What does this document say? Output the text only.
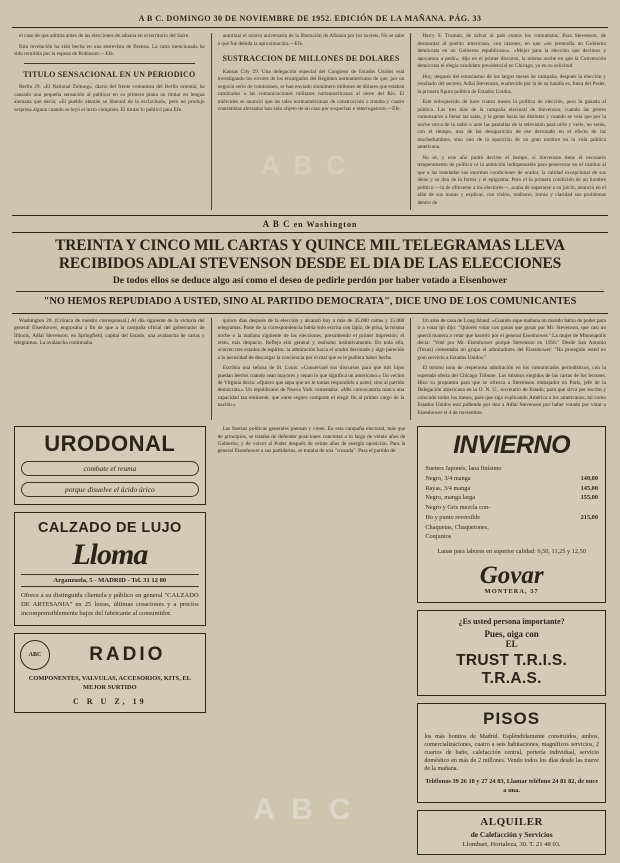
A B C. DOMINGO 30 DE NOVIEMBRE DE 1952. EDICIÓN DE LA MAÑANA. PÁG. 33

el caso de que admita antes de las elecciones de aduana en el territorio del Sarre.

Esta revelación ha sido hecha en una entrevista de Brenna. La carta mencionada ha sido remitida por la esposa de Robinson.—Efe.

TITULO SENSACIONAL EN UN PERIODICO

Berlín 29. «El National Zeitung», diario del frente comunista del Berlín oriental, ha causado una pequeña sensación al publicar en su primera plana un titular en lengua alemana que decía: «El pueblo alemán se liberará de la esclavitud», pero no produjo sorpresa alguna cuando se leyó el texto completo. El titular lo publicó para Efe.

autorizar el octavo aniversario de la liberación de Albania por los soviets. No se sabe a qué fue debida la aproximación.—Efe.

SUSTRACCION DE MILLONES DE DOLARES

Kansas City 29. Una delegación especial del Congreso de Estados Unidos está investigando los errores de los encargados del Régimen norteamericano de que, por un negocio serio de comisiones, se han enviado sinnúmero millones de dólares que estaban cambiados a las comunicaciones militares norteamericanas al oeste del Rin. El miércoles se anunció que las tales norteamericanas de construcción o trataba y cuatro contratistas afectados han sido objeto de un caso por sospechas e interrogatorio.—Efe.

Harry S. Truman, de salvar al país contra los comunistas. Para Stevenson, de desmontar al pueblo americano, con razones, en que «no pretendía un Gobierno demócrata en un Gobierno republicano». «Mejor para la elección que decimos y apoyamos a pedir», dijo en el primer discurso, la misma noche en que la Convención demócrata el elegía candidato presidencial en Chicago, ya en su solicitud.

Hoy, después del entusiasmo de los largos meses de campaña, después la elección y resultado del secreto, Adlai Stevenson, enaltecido por la de su batalla es, fuera del Poder, la primera figura política de Estados Unidos.

Este enloquecido de hace cuatro meses la política de elección, pero la ganada al público. Las tres días de la campaña electoral de Stevenson, cuando las gentes comenzaron a llenar las salas, y la gente hacía las distintas y cuando se veía que por la noche cerca de la radio o ante las pantallas de la televisión para oírle y verle, no serán, con el tiempo, una de las desaparición de ese derrotado en el efecto de las muchedumbres, sino uno de la aparición de un gran nombre en la vida pública americana.

No sé, y este año podrá decirse el tiempo, si Stevenson tiene el necesario temperamento de político ni la ambición indispensable para perseverar en el camino al que a las toneladas sus enormes condiciones de orador, la calidad excepcional de sus ideas y su don de la forma y el epigrama. Pero el la primera condición de un hombre político —la de ofrecerse a los electores—, acaba de superarse a su juicio, anunció en el afán de sus masas y explicar, con visión, realismo, ironía y claridad sus problemas dentro de

A B C en Washington
TREINTA Y CINCO MIL CARTAS Y QUINCE MIL TELEGRAMAS LLEVA RECIBIDOS ADLAI STEVENSON DESDE EL DIA DE LAS ELECCIONES
De todos ellos se deduce algo así como el deseo de pedirle perdón por haber votado a Eisenhower
"NO HEMOS REPUDIADO A USTED, SINO AL PARTIDO DEMOCRATA", DICE UNO DE LOS COMUNICANTES

Washington 29. (Crónica de nuestro corresponsal.) Al día siguiente de la victoria del general Eisenhower, engrosaba a fin de que a la campaña oficial del gobernador de Illinois, Adlai Stevenson, en Springfield, capital del Estado, una avalancha de cartas y telegramas. La avalancha continuaba

quince días después de la elección y alcanzó hoy a más de 35.000 cartas y 15.000 telegramas. Parte de la correspondencia había sido escrita con lápiz, de prisa, la misma noche o la mañana siguiente de las elecciones, presintiendo el primer impresión; el resto, más despacio. Refleja ello general y realismo instintivamente. En toda ella, ocurren tres estados de espíritu: la admiración hacia el orador derrotado y algo parecido a la necesidad de descargar la conciencia por el mal que se le pudiera haber hecho.

Escribía una señora de St. Louis: «Conservaré sus discursos para que mis hijos puedan leerlos cuando sean mayores y sepan lo que significa un americano.» Un vecino de Virginia decía: «Quiero que sepa que no le tomas respondido a usted, sino al partido demócrata.» Un republicano de Nueva York comentaba: «Mis convocatoria nunca una capacidad tan eminente, que entre seguro comparte el elegir fin al primer cargo de la nación.»

Un amo de casa de Long Island: «Cuando supe mañana un marido había de poder para ir a votar ipi dijo: "Quieres votar con ganas que gusas por Mr. Stevenson, que casi no querrá manera a votar que hacerlo por el general Eisenhower." La mujer de Minneapolis decía: "Voté por Mr. Eisenhower porque Stevenson en 1956." Desde San Antonio (Texas) comentaba un grupo el admiradores del Eisenhower: "Ha protegido usted en gran servicio a Estados Unidos."

El mismo tono de respetuosa admiración en los comunicados periodísticos, con la esperada oferta del Chicago Tribune. Los mismos elegidos de las cartas de los lectores. Hizo su propuesta para que se ofrezca a Stevenson embajador en París, jefe de la Delegación americana en la O. N. U., secretario de Estado; para que sirva por escrito y colocado todos los meses, para que siga explicando América a los americanos, tal como Estados Unidos está pidiendo por don a Adlai Stevenson por haber votado por votar a Eisenhower el 4 de noviembre.

URODONAL
combate el reuma
porque disuelve el ácido úrico
CALZADO DE LUJO
Lloma
Arganzuela, 5 - MADRID - Tel. 31 12 80
Ofrece a su distinguida clientela y público en general "CALZADO DE ARTESANIA" en 25 horas, últimas creaciones y a precios incomprensiblemente bajos del fabricante al consumidor.
ABC	RADIO
COMPONENTES, VALVULAS, ACCESORIOS, KITS, EL MEJOR SURTIDO
C R U Z, 19

Las fuerzas políticas generales piensan y creen. En esta campaña electoral, más que de principios, se trataba de defender posiciones concretas a lo largo de veinte años de Gobierno, y de volver al Poder después de veinte años de energía oposición. Para la general Eisenhower a sus partidarios, se trataba de una "cruzada". Para el partido de	INVIERNO
Sueters Japonés, lana finísimo
Negro, 3/4 manga	140,00
Rayas, 3/4 manga	145,00
Negro, manga larga	155,00
Negro y Gris mezcla con-
Ho y punto reversible	215,00
Chaquetas, Chaquetones,
Conjuntos
Lanas para labores en superior calidad: 9,50, 11,25 y 12,50
Govar
MONTERA, 37
¿Es usted persona importante?
Pues, oiga con
EL
TRUST T.R.I.S. T.R.A.S.
PISOS
los más bonitos de Madrid. Espléndidamente construidos, ambos, comercializaciones, cuatro a seis habitaciones, magníficos servicios, 2 cuartos de baño, calefacción central, portería individual, servicio doméstico en más de 2 millones. Vendo todos los días desde las nueve de la mañana.
Teléfonos 39 26 18 y 27 24 83, Llamar teléfono 24 81 82, de once a una.
ALQUILER
de Calefacción y Servicios
Llombart, Hortaleza, 30. T. 21 48 03.
ABC
ABC
